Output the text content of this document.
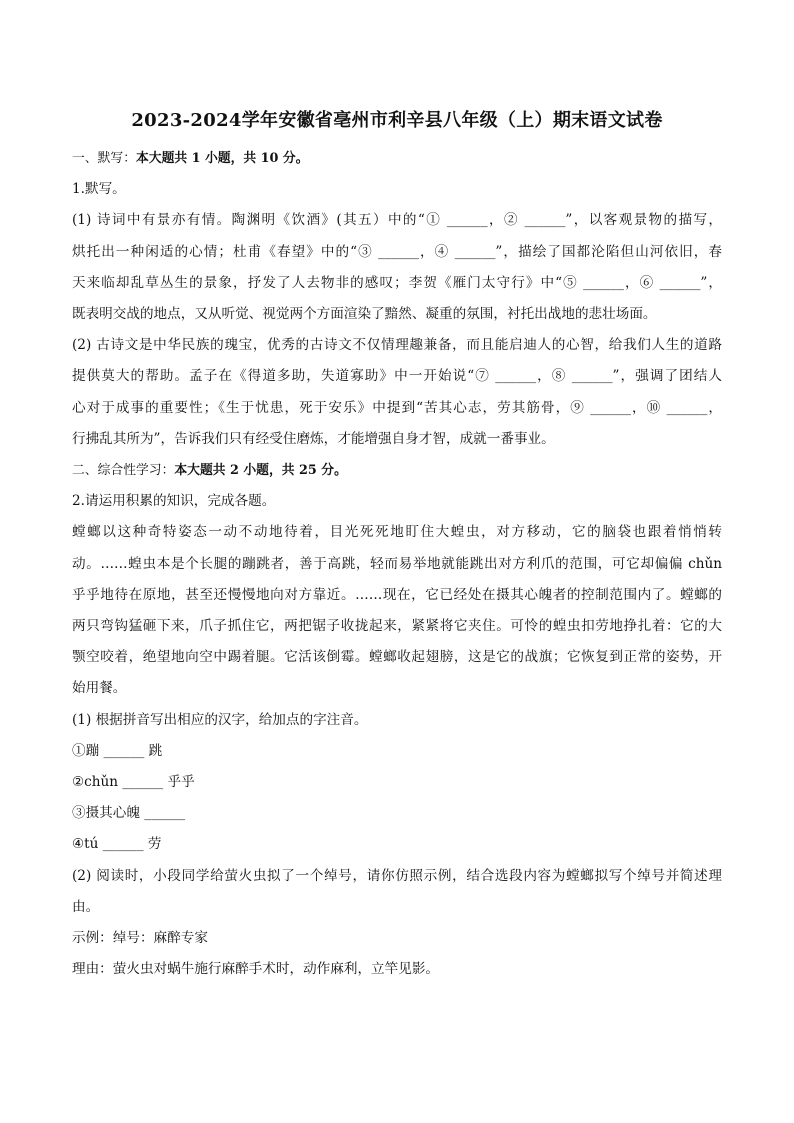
2023-2024学年安徽省亳州市利辛县八年级（上）期末语文试卷
一、默写：本大题共 1 小题，共 10 分。
1.默写。
(1) 诗词中有景亦有情。陶渊明《饮酒》(其五）中的“① ______，② ______”，以客观景物的描写，
烘托出一种闲适的心情；杜甫《春望》中的“③ ______，④ ______”，描绘了国都沦陷但山河依旧，春
天来临却乱草丛生的景象，抒发了人去物非的感叹；李贺《雁门太守行》中“⑤ ______，⑥ ______”，
既表明交战的地点，又从听觉、视觉两个方面渲染了黯然、凝重的氛围，衬托出战地的悲壮场面。
(2) 古诗文是中华民族的瑰宝，优秀的古诗文不仅情理趣兼备，而且能启迪人的心智，给我们人生的道路
提供莫大的帮助。孟子在《得道多助，失道寡助》中一开始说“⑦ ______，⑧ ______”，强调了团结人
心对于成事的重要性；《生于忧患，死于安乐》中提到“苦其心志，劳其筋骨，⑨ ______，⑩ ______，
行拂乱其所为”，告诉我们只有经受住磨炼，才能增强自身才智，成就一番事业。
二、综合性学习：本大题共 2 小题，共 25 分。
2.请运用积累的知识，完成各题。
螳螂以这种奇特姿态一动不动地待着，目光死死地盯住大蝗虫，对方移动，它的脑袋也跟着悄悄转
动。……蝗虫本是个长腿的蹦跳者，善于高跳，轻而易举地就能跳出对方利爪的范围，可它却偏偏 chǔn
乎乎地待在原地，甚至还慢慢地向对方靠近。……现在，它已经处在摄其心魄者的控制范围内了。螳螂的
两只弯钩猛砸下来，爪子抓住它，两把锯子收拢起来，紧紧将它夹住。可怜的蝗虫扣劳地挣扎着：它的大
颚空咬着，绝望地向空中踢着腿。它活该倒霉。螳螂收起翅膀，这是它的战旗；它恢复到正常的姿势，开
始用餐。
(1) 根据拼音写出相应的汉字，给加点的字注音。
①蹦 ______ 跳
②chǔn ______ 乎乎
③摄其心魄 ______
④tú ______ 劳
(2) 阅读时，小段同学给萤火虫拟了一个绰号，请你仿照示例，结合选段内容为螳螂拟写个绰号并简述理
由。
示例：绰号：麻醉专家
理由：萤火虫对蜗牛施行麻醉手术时，动作麻利，立竿见影。
